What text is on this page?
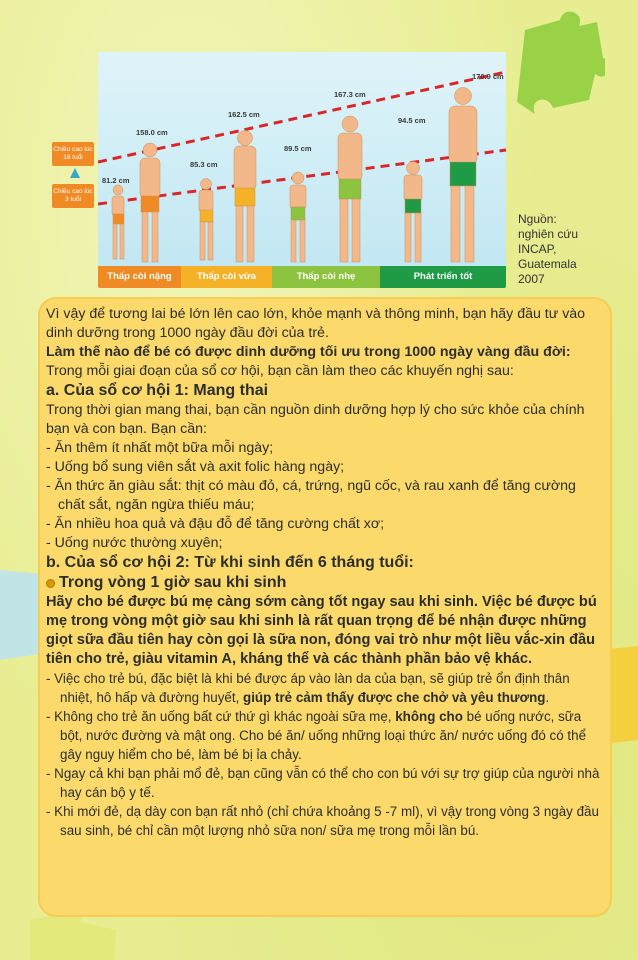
81.2 cm
158.0 cm
85.3 cm
162.5 cm
89.5 cm
167.3 cm
94.5 cm
170.9 cm
Thấp còi nặng	Thấp còi vừa	Thấp còi nhẹ	Phát triển tốt
Chiều cao lúc 18 tuổi
Chiều cao lúc 3 tuổi
Nguồn:
nghiên cứu
INCAP,
Guatemala
2007

Vì vậy để tương lai bé lớn lên cao lớn, khỏe mạnh và thông minh, bạn hãy đầu tư vào dinh dưỡng trong 1000 ngày đầu đời của trẻ.

Làm thế nào để bé có được dinh dưỡng tối ưu trong 1000 ngày vàng đầu đời:

Trong mỗi giai đoạn của sổ cơ hội, bạn cần làm theo các khuyến nghị sau:

a. Của sổ cơ hội 1: Mang thai

Trong thời gian mang thai, bạn cần nguồn dinh dưỡng hợp lý cho sức khỏe của chính bạn và con bạn. Bạn cần:

- Ăn thêm ít nhất một bữa mỗi ngày;

- Uống bổ sung viên sắt và axit folic hàng ngày;

- Ăn thức ăn giàu sắt: thịt có màu đỏ, cá, trứng, ngũ cốc, và rau xanh để tăng cường chất sắt, ngăn ngừa thiếu máu;

- Ăn nhiều hoa quả và đậu đỗ để tăng cường chất xơ;

- Uống nước thường xuyên;

b. Của sổ cơ hội 2: Từ khi sinh đến 6 tháng tuổi:

Trong vòng 1 giờ sau khi sinh

Hãy cho bé được bú mẹ càng sớm càng tốt ngay sau khi sinh. Việc bé được bú mẹ trong vòng một giờ sau khi sinh là rất quan trọng để bé nhận được những giọt sữa đầu tiên hay còn gọi là sữa non, đóng vai trò như một liều vắc-xin đầu tiên cho trẻ, giàu vitamin A, kháng thể và các thành phần bảo vệ khác.

- Việc cho trẻ bú, đặc biệt là khi bé được áp vào làn da của bạn, sẽ giúp trẻ ổn định thân nhiệt, hô hấp và đường huyết, giúp trẻ cảm thấy được che chở và yêu thương.

- Không cho trẻ ăn uống bất cứ thứ gì khác ngoài sữa mẹ, không cho bé uống nước, sữa bột, nước đường và mật ong. Cho bé ăn/ uống những loại thức ăn/ nước uống đó có thể gây nguy hiểm cho bé, làm bé bị ỉa chảy.

- Ngay cả khi bạn phải mổ đẻ, bạn cũng vẫn có thể cho con bú với sự trợ giúp của người nhà hay cán bộ y tế.

- Khi mới đẻ, dạ dày con bạn rất nhỏ (chỉ chứa khoảng 5 -7 ml), vì vậy trong vòng 3 ngày đầu sau sinh, bé chỉ cần một lượng nhỏ sữa non/ sữa mẹ trong mỗi lần bú.
